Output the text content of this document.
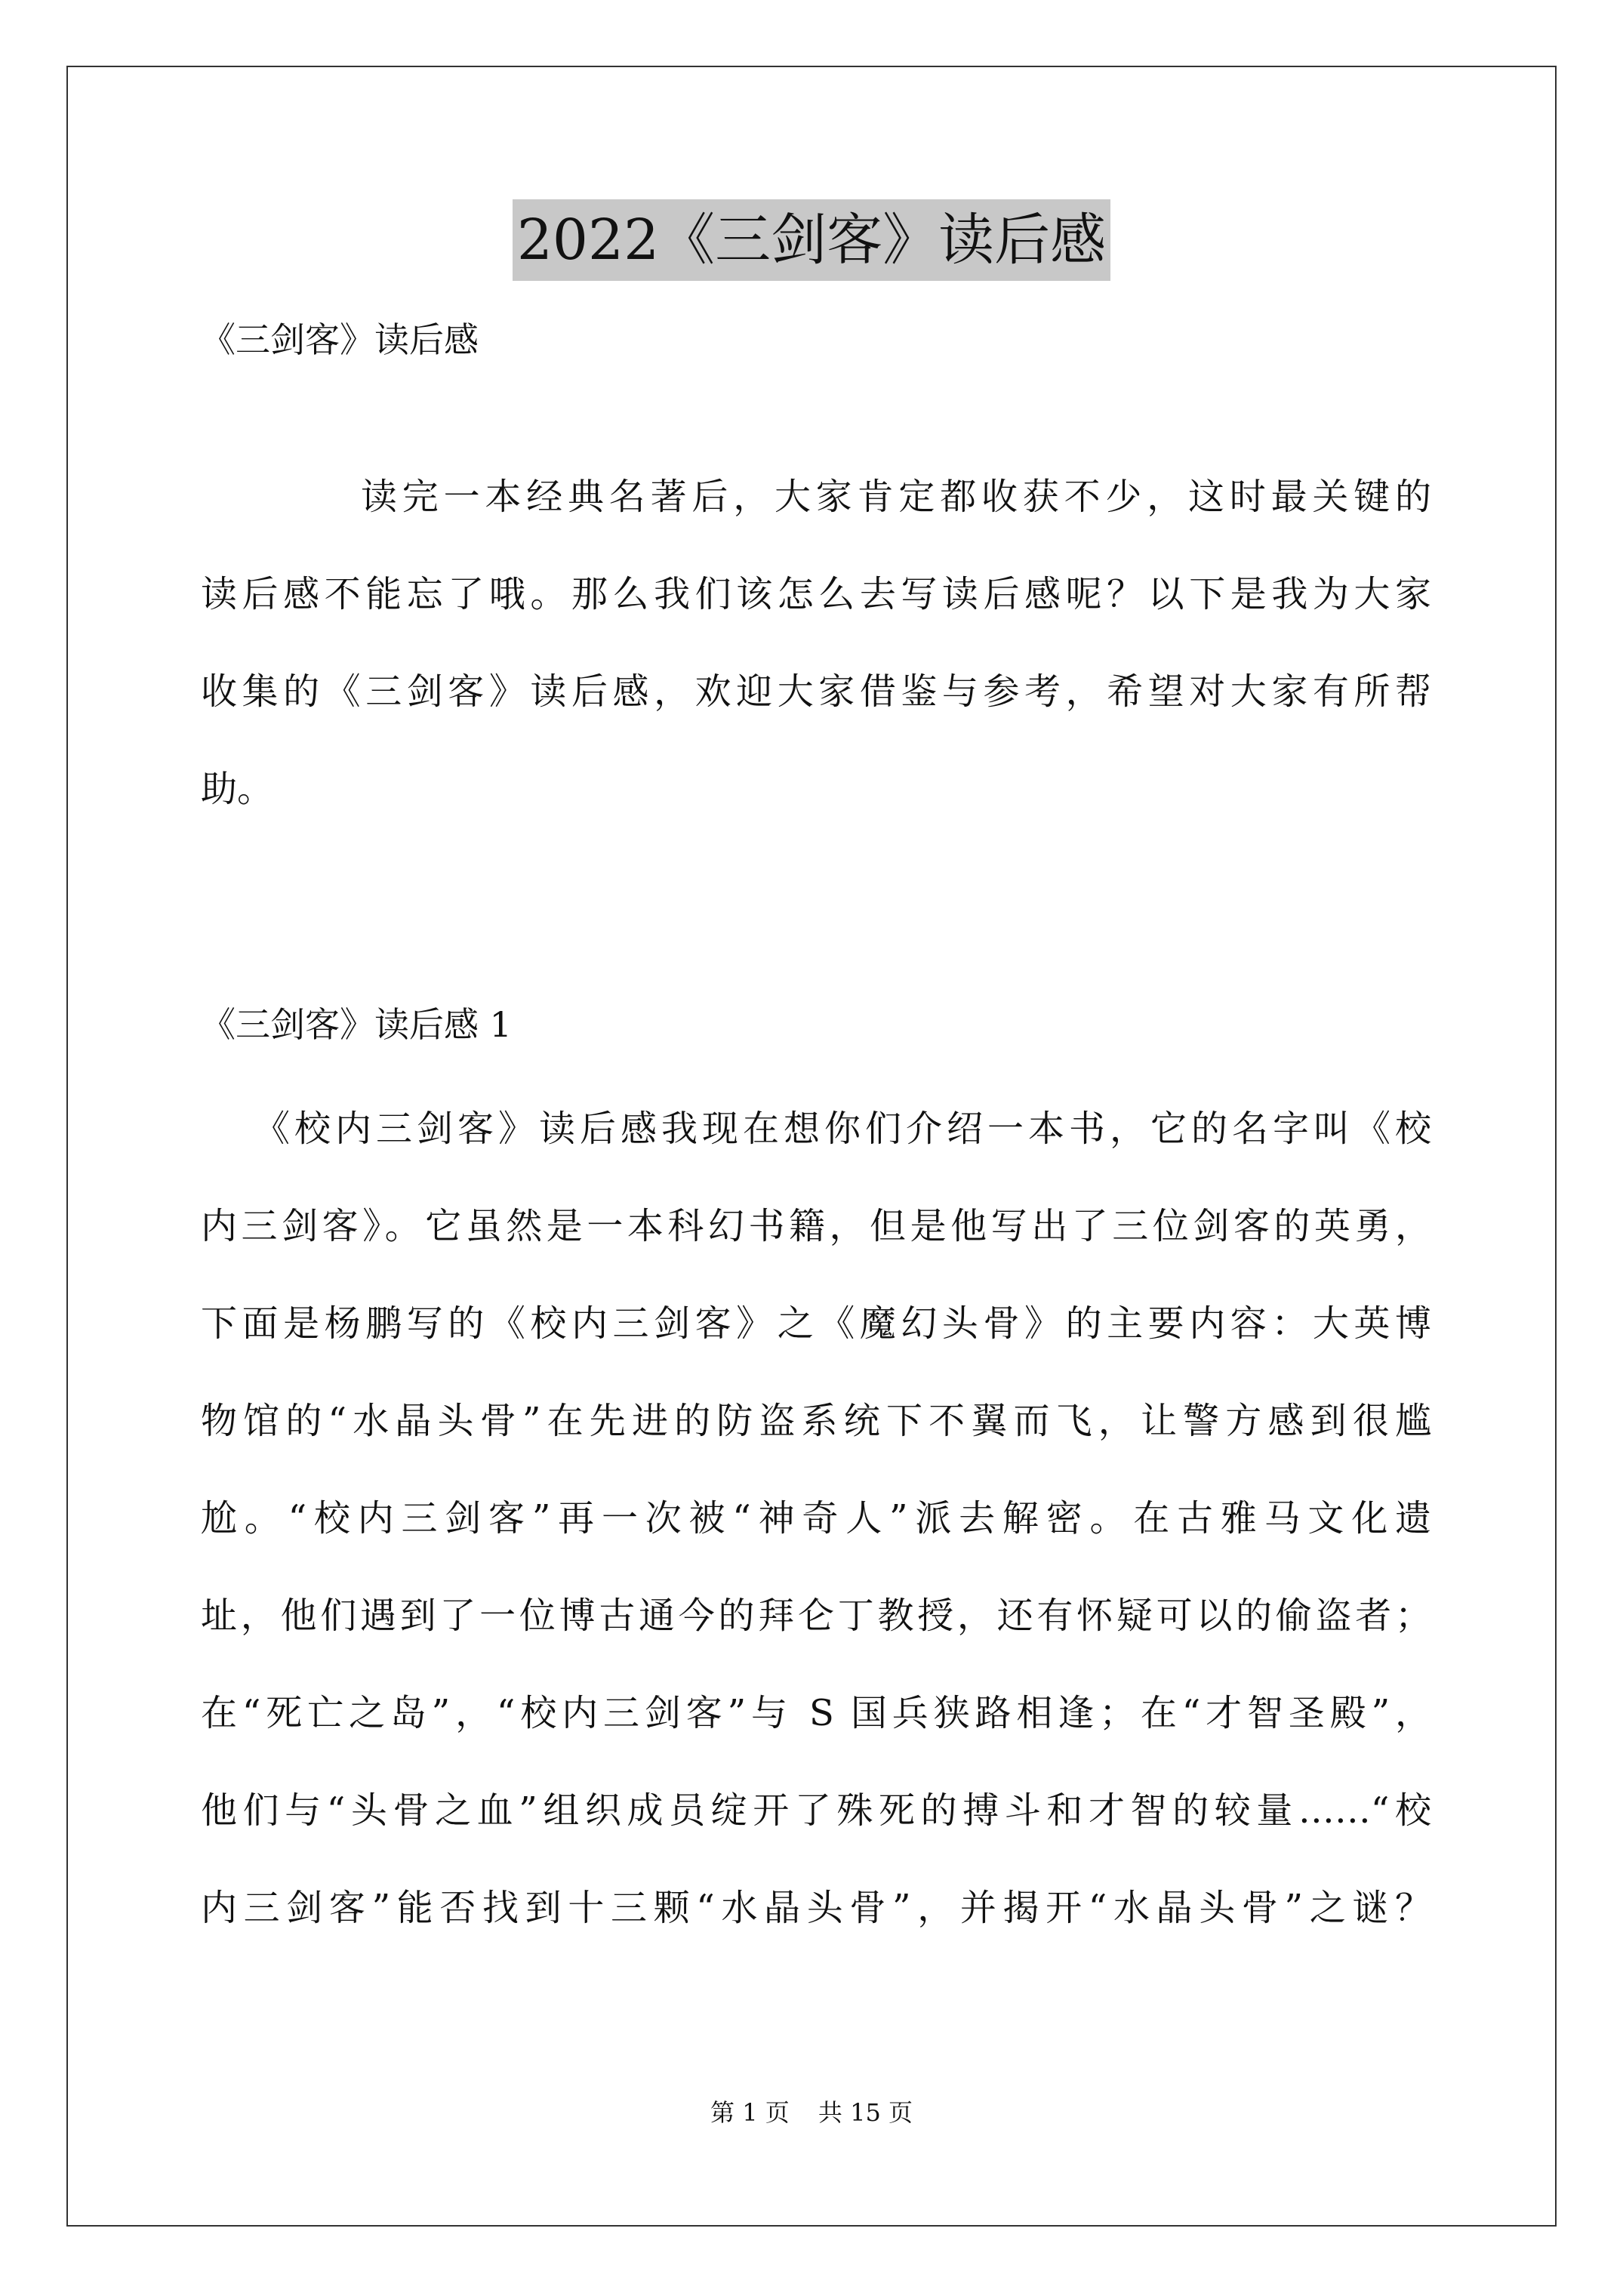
2022《三剑客》读后感
《三剑客》读后感
读完一本经典名著后，大家肯定都收获不少，这时最关键的
读后感不能忘了哦。那么我们该怎么去写读后感呢？以下是我为大家
收集的《三剑客》读后感，欢迎大家借鉴与参考，希望对大家有所帮
助。
《三剑客》读后感 1
《校内三剑客》读后感我现在想你们介绍一本书，它的名字叫《校
内三剑客》。它虽然是一本科幻书籍，但是他写出了三位剑客的英勇，
下面是杨鹏写的《校内三剑客》之《魔幻头骨》的主要内容：大英博
物馆的“水晶头骨”在先进的防盗系统下不翼而飞，让警方感到很尴
尬。“校内三剑客”再一次被“神奇人”派去解密。在古雅马文化遗
址，他们遇到了一位博古通今的拜仑丁教授，还有怀疑可以的偷盗者；
在“死亡之岛”，“校内三剑客”与 S 国兵狭路相逢；在“才智圣殿”，
他们与“头骨之血”组织成员绽开了殊死的搏斗和才智的较量……“校
内三剑客”能否找到十三颗“水晶头骨”，并揭开“水晶头骨”之谜？
第 1 页 共 15 页
